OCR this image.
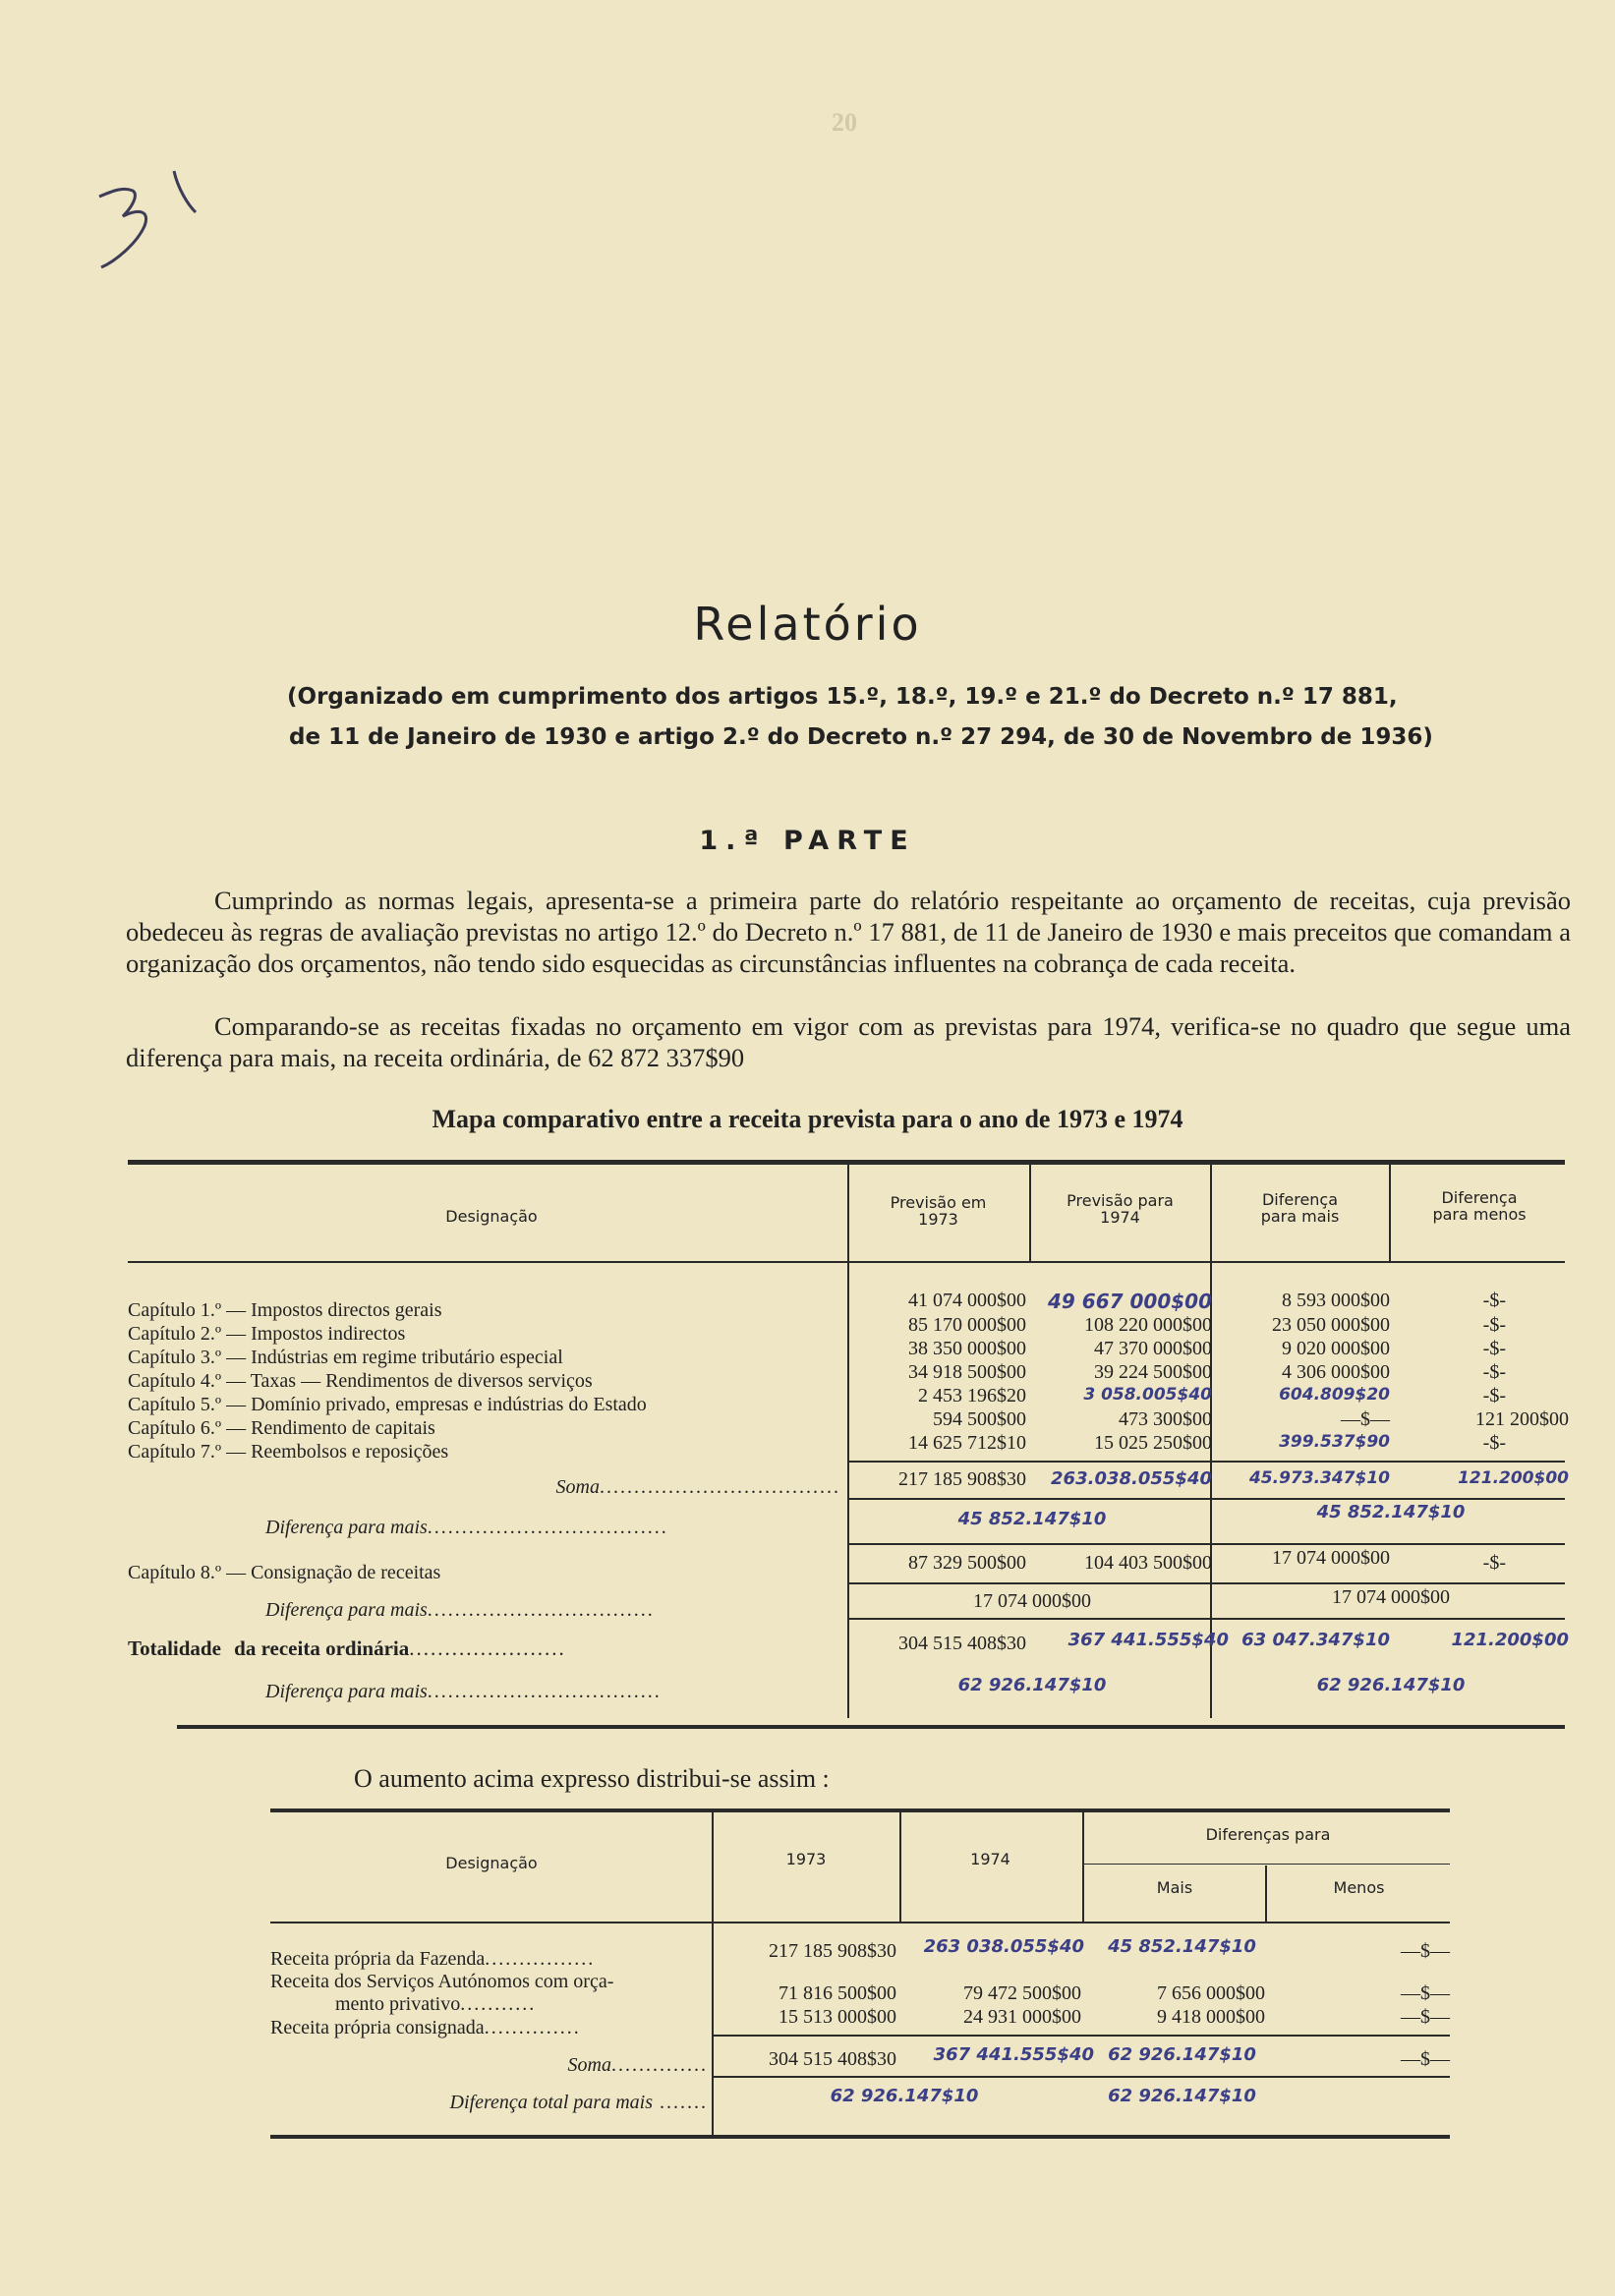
20
Relatório
(Organizado em cumprimento dos artigos 15.º, 18.º, 19.º e 21.º do Decreto n.º 17 881,
de 11 de Janeiro de 1930 e artigo 2.º do Decreto n.º 27 294, de 30 de Novembro de 1936)
1.ª PARTE
Cumprindo as normas legais, apresenta-se a primeira parte do relatório respeitante ao orçamento de receitas, cuja previsão obedeceu às regras de avaliação previstas no artigo 12.º do Decreto n.º 17 881, de 11 de Janeiro de 1930 e mais preceitos que comandam a organização dos orçamentos, não tendo sido esquecidas as circunstâncias influentes na cobrança de cada receita.
Comparando-se as receitas fixadas no orçamento em vigor com as previstas para 1974, verifica-se no quadro que segue uma diferença para mais, na receita ordinária, de 62 872 337$90
Mapa comparativo entre a receita prevista para o ano de 1973 e 1974
Designação
Previsão em
1973
Previsão para
1974
Diferença
para mais
Diferença
para menos
Capítulo 1.º — Impostos directos gerais	41 074 000$00	49 667 000$00	8 593 000$00	-$-
Capítulo 2.º — Impostos indirectos	85 170 000$00	108 220 000$00	23 050 000$00	-$-
Capítulo 3.º — Indústrias em regime tributário especial	38 350 000$00	47 370 000$00	9 020 000$00	-$-
Capítulo 4.º — Taxas — Rendimentos de diversos serviços	34 918 500$00	39 224 500$00	4 306 000$00	-$-
Capítulo 5.º — Domínio privado, empresas e indústrias do Estado	2 453 196$20	3 058.005$40	604.809$20	-$-
Capítulo 6.º — Rendimento de capitais	594 500$00	473 300$00	—$—	121 200$00
Capítulo 7.º — Reembolsos e reposições	14 625 712$10	15 025 250$00	399.537$90	-$-
Soma...................................	217 185 908$30	263.038.055$40	45.973.347$10	121.200$00
Diferença para mais...................................	45 852.147$10	45 852.147$10
Capítulo 8.º — Consignação de receitas	87 329 500$00	104 403 500$00	17 074 000$00	-$-
Diferença para mais.................................	17 074 000$00	17 074 000$00
Totalidade da receita ordinária......................	304 515 408$30	367 441.555$40 63 047.347$10	121.200$00
Diferença para mais..................................	62 926.147$10	62 926.147$10
O aumento acima expresso distribui-se assim :
Designação	1973	1974
Diferenças para
Mais	Menos
Receita própria da Fazenda................	217 185 908$30	263 038.055$40	45 852.147$10	—$—
Receita dos Serviços Autónomos com orça-
mento privativo...........	71 816 500$00	79 472 500$00	7 656 000$00	—$—
Receita própria consignada..............	15 513 000$00	24 931 000$00	9 418 000$00	—$—
Soma..............	304 515 408$30	367 441.555$40 62 926.147$10	—$—
Diferença total para mais .......	62 926.147$10	62 926.147$10
